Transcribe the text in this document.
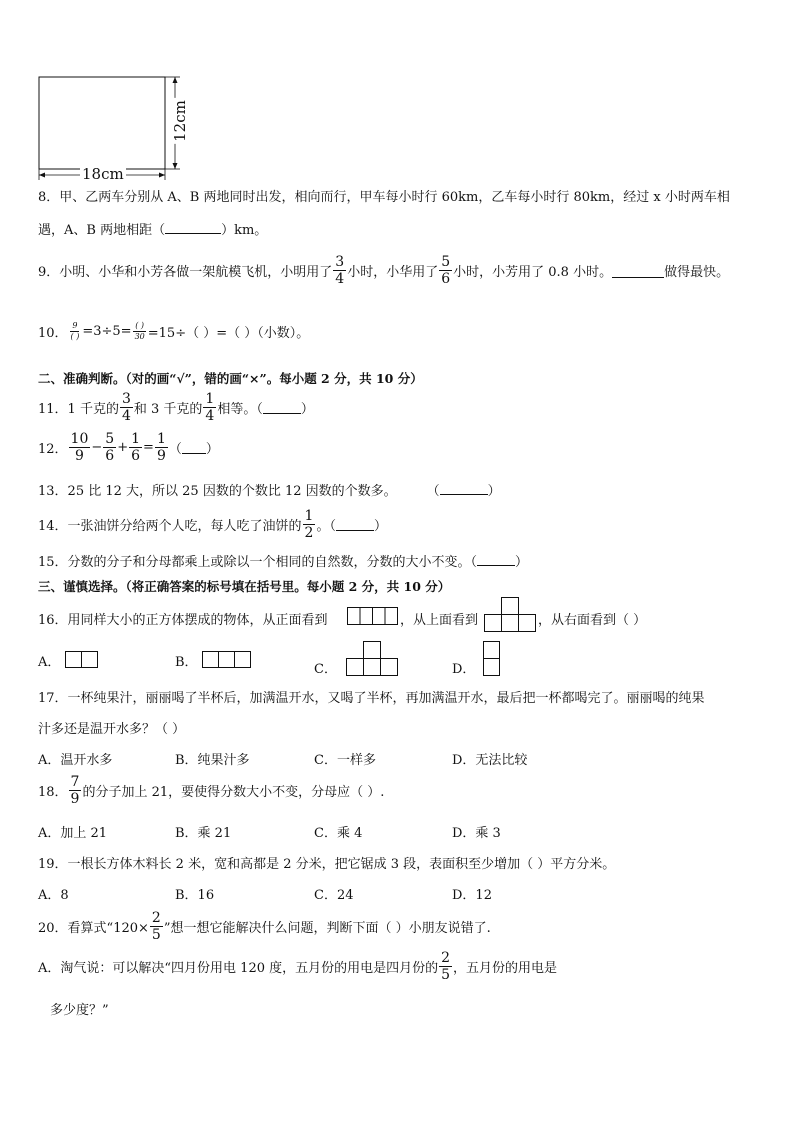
18cm
12cm
8．甲、乙两车分别从 A、B 两地同时出发，相向而行，甲车每小时行 60km，乙车每小时行 80km，经过 x 小时两车相
遇，A、B 两地相距（	）km。
9．小明、小华和小芳各做一架航模飞机，小明用了 $\frac{3}{4}$ 小时，小华用了 $\frac{5}{6}$ 小时，小芳用了 0.8 小时。	做得最快。
10． $\frac{9}{( )} =3\div 5= \frac{( )}{30} =15\div$（ ）=（ ）（小数）。
二、准确判断。（对的画“√”，错的画“×”。每小题 2 分，共 10 分）
11．1 千克的 $\frac{3}{4}$ 和 3 千克的 $\frac{1}{4}$ 相等。（	）
12． $\frac{10}{9} - \frac{5}{6} + \frac{1}{6} = \frac{1}{9}$ （ ）
13．25 比 12 大，所以 25 因数的个数比 12 因数的个数多。 （	）
14．一张油饼分给两个人吃，每人吃了油饼的 $\frac{1}{2}$ 。（	）
15．分数的分子和分母都乘上或除以一个相同的自然数，分数的大小不变。（	）
三、谨慎选择。（将正确答案的标号填在括号里。每小题 2 分，共 10 分）
16．用同样大小的正方体摆成的物体，从正面看到	，从上面看到	，从右面看到（ ）
A．	B．	C．	D．
17．一杯纯果汁，丽丽喝了半杯后，加满温开水，又喝了半杯，再加满温开水，最后把一杯都喝完了。丽丽喝的纯果
汁多还是温开水多？（ ）
A．温开水多	B．纯果汁多	C．一样多	D．无法比较
18． $\frac{7}{9}$ 的分子加上 21，要使得分数大小不变，分母应（ ）.
A．加上 21	B．乘 21	C．乘 4	D．乘 3
19．一根长方体木料长 2 米，宽和高都是 2 分米，把它锯成 3 段，表面积至少增加（ ）平方分米。
A．8	B．16	C．24	D．12
20．看算式“$120\times \frac{2}{5}$ ”想一想它能解决什么问题，判断下面（ ）小朋友说错了.
A．淘气说：可以解决“四月份用电 120 度，五月份的用电是四月份的 $\frac{2}{5}$ ，五月份的用电是
多少度？”
